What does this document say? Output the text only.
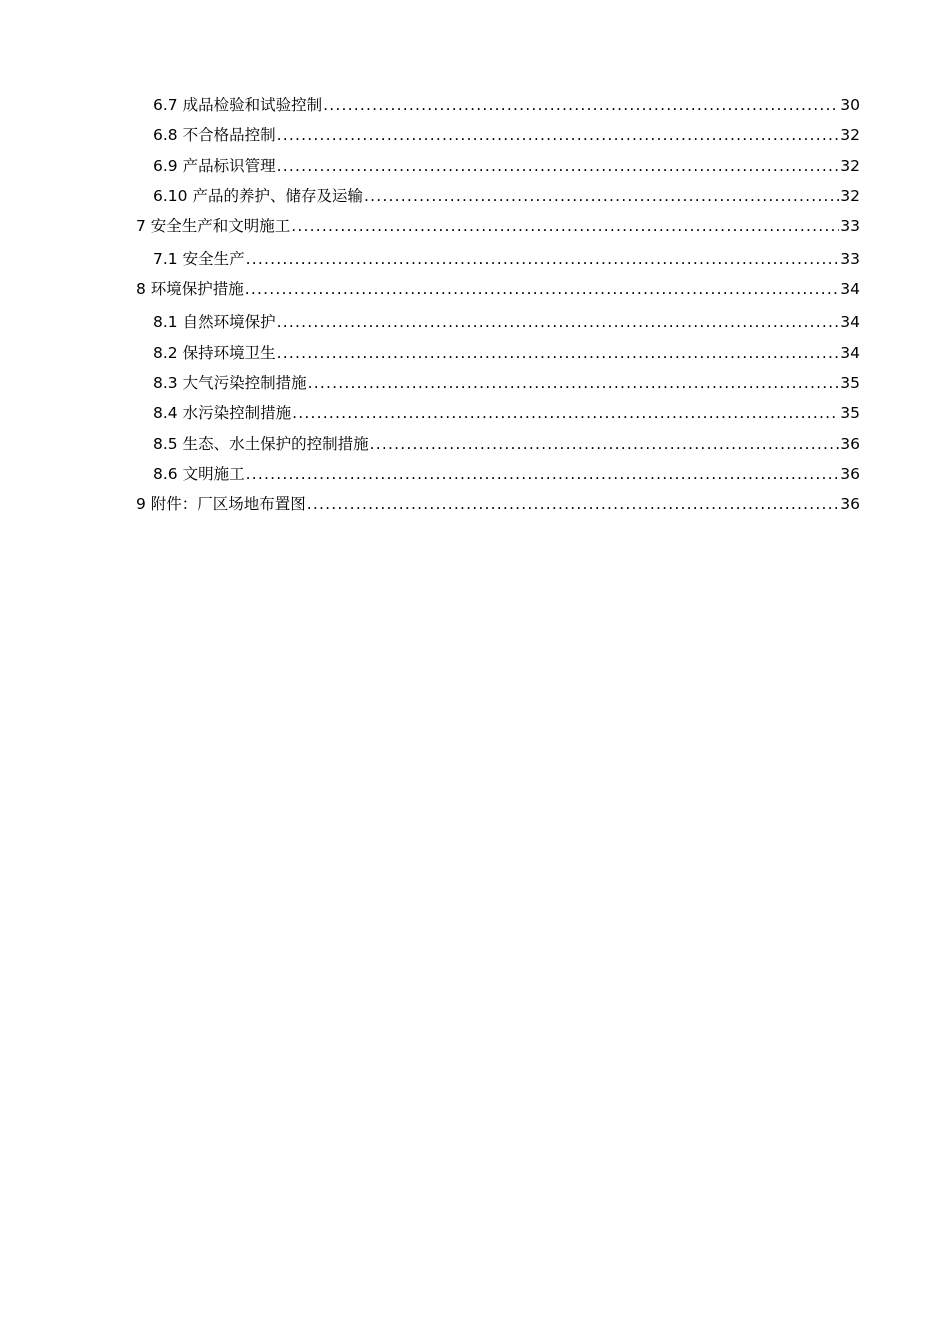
6.7 成品检验和试验控制 .....	30
6.8 不合格品控制 .....	32
6.9 产品标识管理 .....	32
6.10 产品的养护、储存及运输 .....	32
7 安全生产和文明施工 .....	33
7.1 安全生产 .....	33
8 环境保护措施 .....	34
8.1 自然环境保护 .....	34
8.2 保持环境卫生 .....	34
8.3 大气污染控制措施 .....	35
8.4 水污染控制措施 .....	35
8.5 生态、水土保护的控制措施 .....	36
8.6 文明施工 .....	36
9 附件：厂区场地布置图 .....	36
